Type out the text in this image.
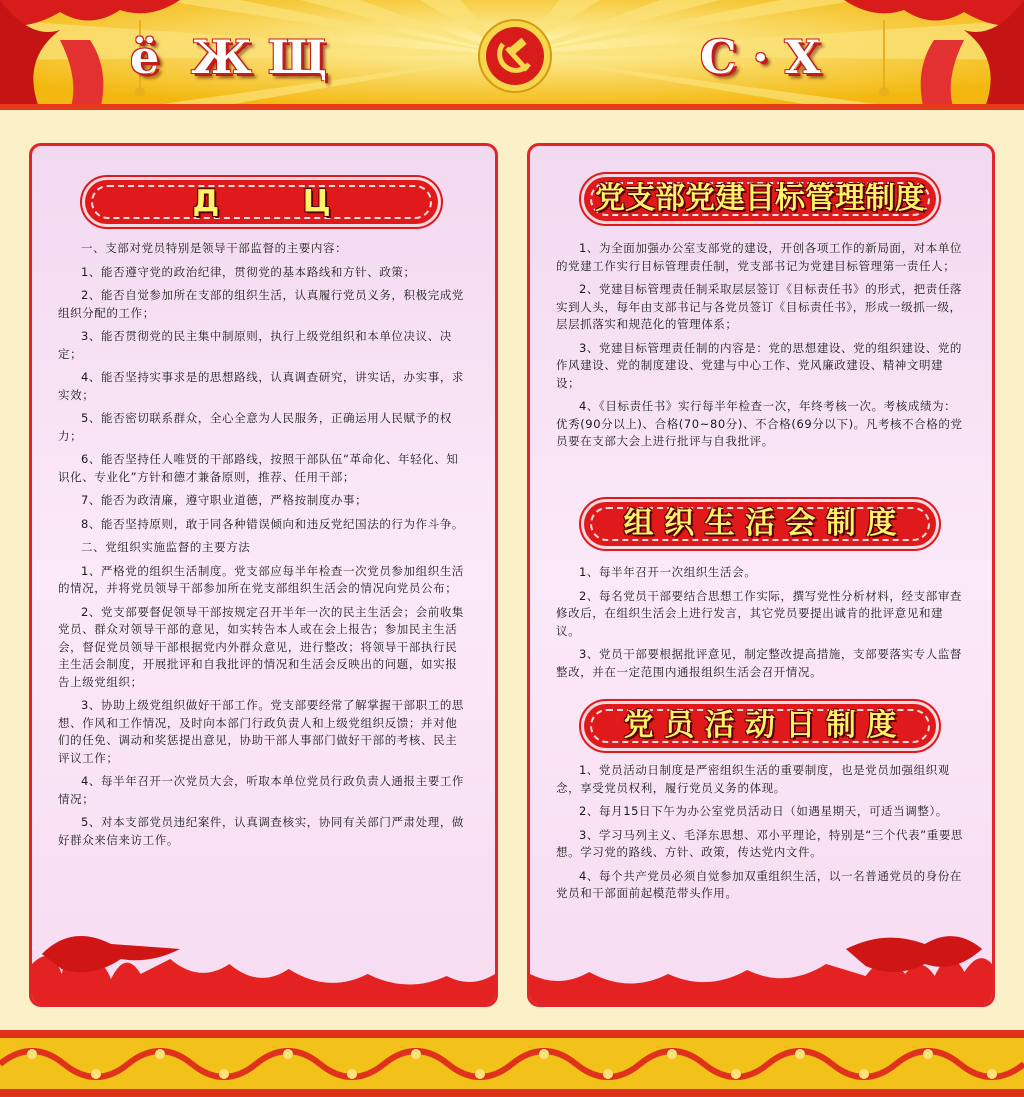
ё  Ж Щ	С · Х
Д        Ц

一、支部对党员特别是领导干部监督的主要内容：

1、能否遵守党的政治纪律，贯彻党的基本路线和方针、政策；

2、能否自觉参加所在支部的组织生活，认真履行党员义务，积极完成党组织分配的工作；

3、能否贯彻党的民主集中制原则，执行上级党组织和本单位决议、决定；

4、能否坚持实事求是的思想路线，认真调查研究，讲实话，办实事，求实效；

5、能否密切联系群众，全心全意为人民服务，正确运用人民赋予的权力；

6、能否坚持任人唯贤的干部路线，按照干部队伍“革命化、年轻化、知识化、专业化”方针和德才兼备原则，推荐、任用干部；

7、能否为政清廉，遵守职业道德，严格按制度办事；

8、能否坚持原则，敢于同各种错误倾向和违反党纪国法的行为作斗争。

二、党组织实施监督的主要方法

1、严格党的组织生活制度。党支部应每半年检查一次党员参加组织生活的情况，并将党员领导干部参加所在党支部组织生活会的情况向党员公布；

2、党支部要督促领导干部按规定召开半年一次的民主生活会；会前收集党员、群众对领导干部的意见，如实转告本人或在会上报告；参加民主生活会，督促党员领导干部根据党内外群众意见，进行整改；将领导干部执行民主生活会制度，开展批评和自我批评的情况和生活会反映出的问题，如实报告上级党组织；

3、协助上级党组织做好干部工作。党支部要经常了解掌握干部职工的思想、作风和工作情况，及时向本部门行政负责人和上级党组织反馈；并对他们的任免、调动和奖惩提出意见，协助干部人事部门做好干部的考核、民主评议工作；

4、每半年召开一次党员大会，听取本单位党员行政负责人通报主要工作情况；

5、对本支部党员违纪案件，认真调查核实，协同有关部门严肃处理，做好群众来信来访工作。

党支部党建目标管理制度

1、为全面加强办公室支部党的建设，开创各项工作的新局面，对本单位的党建工作实行目标管理责任制，党支部书记为党建目标管理第一责任人；

2、党建目标管理责任制采取层层签订《目标责任书》的形式，把责任落实到人头，每年由支部书记与各党员签订《目标责任书》，形成一级抓一级，层层抓落实和规范化的管理体系；

3、党建目标管理责任制的内容是：党的思想建设、党的组织建设、党的作风建设、党的制度建设、党建与中心工作、党风廉政建设、精神文明建设；

4、《目标责任书》实行每半年检查一次，年终考核一次。考核成绩为：优秀(90分以上)、合格(70~80分)、不合格(69分以下)。凡考核不合格的党员要在支部大会上进行批评与自我批评。

组 织 生 活 会 制 度

1、每半年召开一次组织生活会。

2、每名党员干部要结合思想工作实际，撰写党性分析材料，经支部审查修改后，在组织生活会上进行发言，其它党员要提出诚肯的批评意见和建议。

3、党员干部要根据批评意见，制定整改提高措施，支部要落实专人监督整改，并在一定范围内通报组织生活会召开情况。

党 员 活 动 日 制 度

1、党员活动日制度是严密组织生活的重要制度，也是党员加强组织观念，享受党员权利，履行党员义务的体现。

2、每月15日下午为办公室党员活动日（如遇星期天，可适当调整）。

3、学习马列主义、毛泽东思想、邓小平理论，特别是“三个代表”重要思想。学习党的路线、方针、政策，传达党内文件。

4、每个共产党员必须自觉参加双重组织生活，以一名普通党员的身份在党员和干部面前起模范带头作用。
